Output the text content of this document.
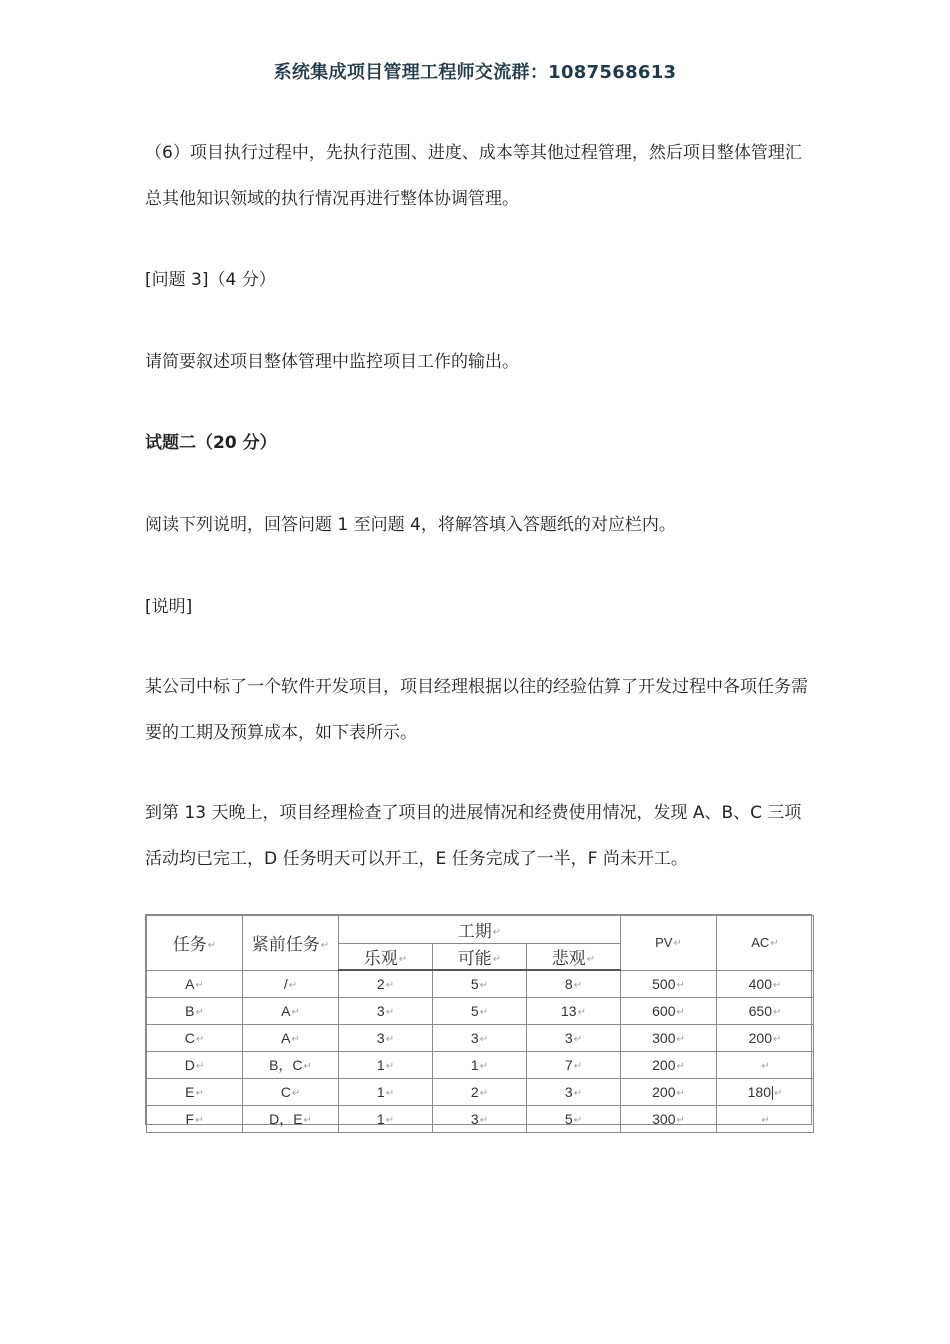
系统集成项目管理工程师交流群：1087568613
（6）项目执行过程中，先执行范围、进度、成本等其他过程管理，然后项目整体管理汇总其他知识领域的执行情况再进行整体协调管理。
[问题 3]（4 分）
请简要叙述项目整体管理中监控项目工作的输出。
试题二（20 分）
阅读下列说明，回答问题 1 至问题 4，将解答填入答题纸的对应栏内。
[说明]
某公司中标了一个软件开发项目，项目经理根据以往的经验估算了开发过程中各项任务需要的工期及预算成本，如下表所示。
到第 13 天晚上，项目经理检查了项目的进展情况和经费使用情况，发现 A、B、C 三项活动均已完工，D 任务明天可以开工，E 任务完成了一半，F 尚未开工。
任务↵	紧前任务↵	工期↵			PV↵	AC↵
		乐观↵	可能↵	悲观↵		
A↵	/↵	2↵	5↵	8↵	500↵	400↵
B↵	A↵	3↵	5↵	13↵	600↵	650↵
C↵	A↵	3↵	3↵	3↵	300↵	200↵
D↵	B，C↵	1↵	1↵	7↵	200↵	↵
E↵	C↵	1↵	2↵	3↵	200↵	180 ↵
F↵	D，E↵	1↵	3↵	5↵	300↵	↵
